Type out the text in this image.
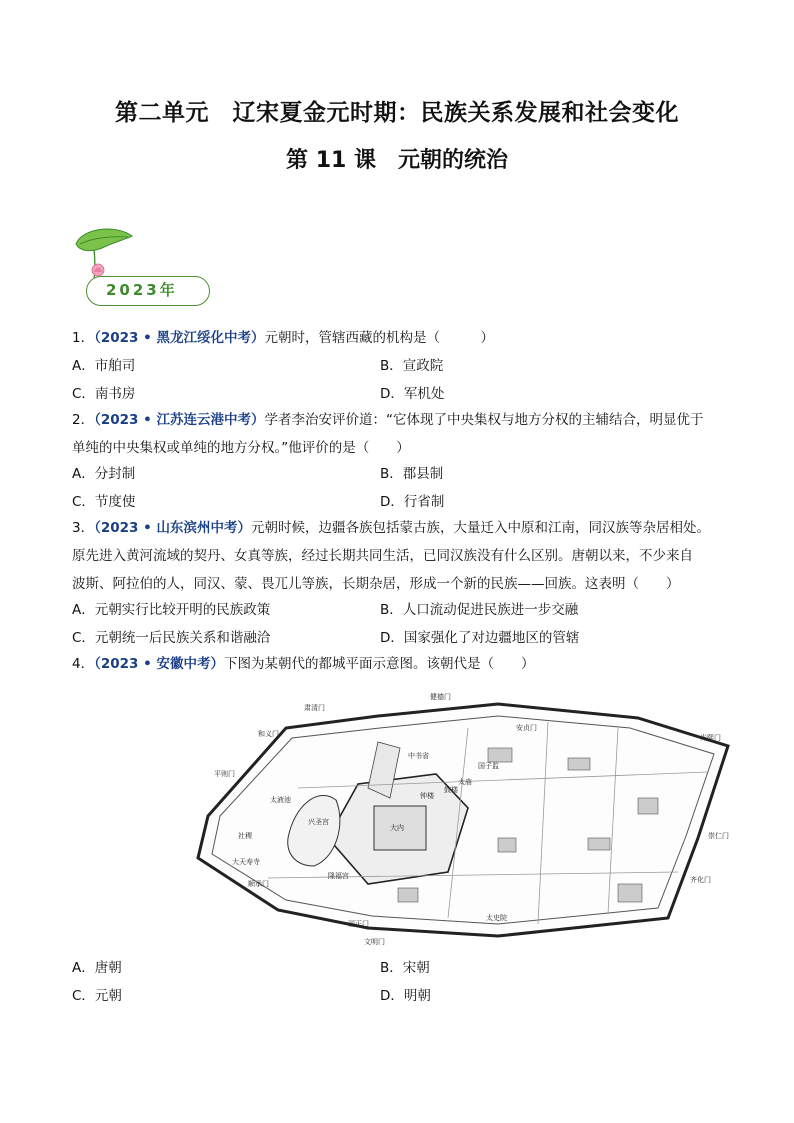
第二单元　辽宋夏金元时期：民族关系发展和社会变化
第 11 课　元朝的统治
2023年
1．（2023 • 黑龙江绥化中考）元朝时，管辖西藏的机构是（　　　）
A．市舶司	B．宣政院
C．南书房	D．军机处
2．（2023 • 江苏连云港中考）学者李治安评价道：“它体现了中央集权与地方分权的主辅结合，明显优于
单纯的中央集权或单纯的地方分权。”他评价的是（　　）
A．分封制	B．郡县制
C．节度使	D．行省制
3．（2023 • 山东滨州中考）元朝时候，边疆各族包括蒙古族，大量迁入中原和江南，同汉族等杂居相处。
原先进入黄河流域的契丹、女真等族，经过长期共同生活，已同汉族没有什么区别。唐朝以来，不少来自
波斯、阿拉伯的人，同汉、蒙、畏兀儿等族，长期杂居，形成一个新的民族——回族。这表明（　　）
A．元朝实行比较开明的民族政策	B．人口流动促进民族进一步交融
C．元朝统一后民族关系和谐融洽	D．国家强化了对边疆地区的管辖
4．（2023 • 安徽中考）下图为某朝代的都城平面示意图。该朝代是（　　）
健德门
安贞门
肃清门
光熙门
和义门
平则门
崇仁门
齐化门
顺承门
丽正门
文明门
太液池
大内
隆福宫
兴圣宫
中书省
太庙
社稷
钟楼
鼓楼
国子监
大天寿寺
太史院
A．唐朝	B．宋朝
C．元朝	D．明朝
